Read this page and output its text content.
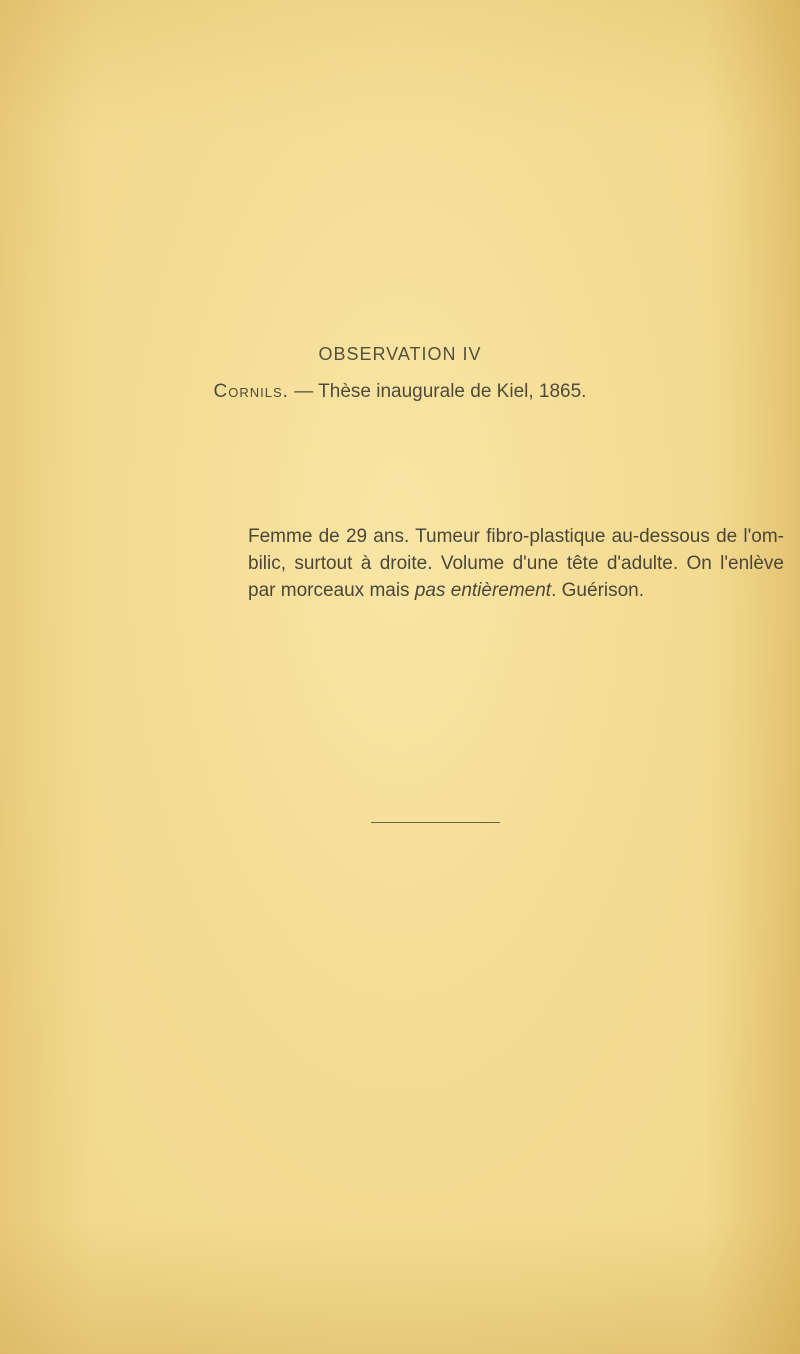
OBSERVATION IV
Cornils. — Thèse inaugurale de Kiel, 1865.
Femme de 29 ans. Tumeur fibro-plastique au-dessous de l'om-
bilic, surtout à droite. Volume d'une tête d'adulte. On l'enlève
par morceaux mais pas entièrement. Guérison.
